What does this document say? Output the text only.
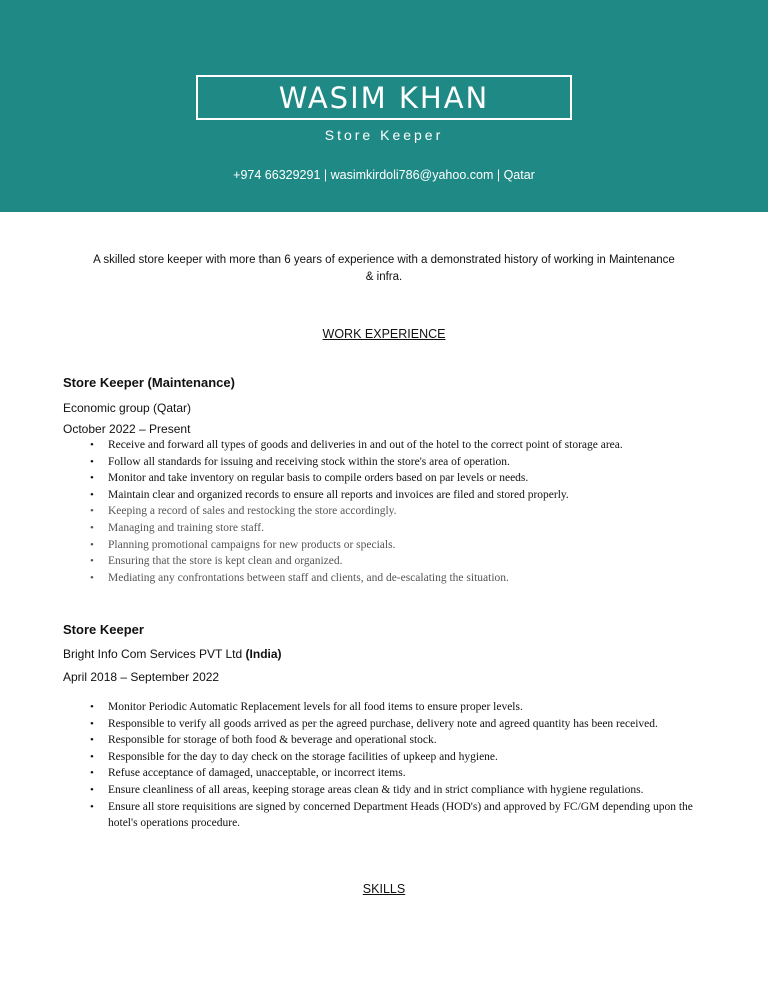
WASIM KHAN
Store Keeper
+974 66329291 | wasimkirdoli786@yahoo.com | Qatar
A skilled store keeper with more than 6 years of experience with a demonstrated history of working in Maintenance & infra.
WORK EXPERIENCE
Store Keeper (Maintenance)
Economic group (Qatar)
October 2022 – Present
• Receive and forward all types of goods and deliveries in and out of the hotel to the correct point of storage area.
• Follow all standards for issuing and receiving stock within the store's area of operation.
• Monitor and take inventory on regular basis to compile orders based on par levels or needs.
• Maintain clear and organized records to ensure all reports and invoices are filed and stored properly.
• Keeping a record of sales and restocking the store accordingly.
• Managing and training store staff.
• Planning promotional campaigns for new products or specials.
• Ensuring that the store is kept clean and organized.
• Mediating any confrontations between staff and clients, and de-escalating the situation.
Store Keeper
Bright Info Com Services PVT Ltd (India)
April 2018 – September 2022
• Monitor Periodic Automatic Replacement levels for all food items to ensure proper levels.
• Responsible to verify all goods arrived as per the agreed purchase, delivery note and agreed quantity has been received.
• Responsible for storage of both food & beverage and operational stock.
• Responsible for the day to day check on the storage facilities of upkeep and hygiene.
• Refuse acceptance of damaged, unacceptable, or incorrect items.
• Ensure cleanliness of all areas, keeping storage areas clean & tidy and in strict compliance with hygiene regulations.
• Ensure all store requisitions are signed by concerned Department Heads (HOD's) and approved by FC/GM depending upon the hotel's operations procedure.
SKILLS
